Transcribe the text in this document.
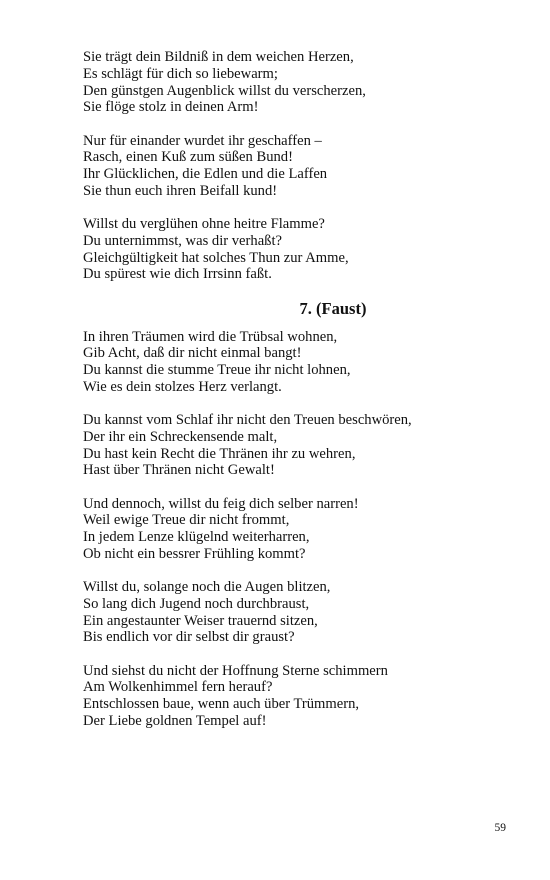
Sie trägt dein Bildniß in dem weichen Herzen,
Es schlägt für dich so liebewarm;
Den günstgen Augenblick willst du verscherzen,
Sie flöge stolz in deinen Arm!
Nur für einander wurdet ihr geschaffen –
Rasch, einen Kuß zum süßen Bund!
Ihr Glücklichen, die Edlen und die Laffen
Sie thun euch ihren Beifall kund!
Willst du verglühen ohne heitre Flamme?
Du unternimmst, was dir verhaßt?
Gleichgültigkeit hat solches Thun zur Amme,
Du spürest wie dich Irrsinn faßt.
7. (Faust)
In ihren Träumen wird die Trübsal wohnen,
Gib Acht, daß dir nicht einmal bangt!
Du kannst die stumme Treue ihr nicht lohnen,
Wie es dein stolzes Herz verlangt.
Du kannst vom Schlaf ihr nicht den Treuen beschwören,
Der ihr ein Schreckensende malt,
Du hast kein Recht die Thränen ihr zu wehren,
Hast über Thränen nicht Gewalt!
Und dennoch, willst du feig dich selber narren!
Weil ewige Treue dir nicht frommt,
In jedem Lenze klügelnd weiterharren,
Ob nicht ein bessrer Frühling kommt?
Willst du, solange noch die Augen blitzen,
So lang dich Jugend noch durchbraust,
Ein angestaunter Weiser trauernd sitzen,
Bis endlich vor dir selbst dir graust?
Und siehst du nicht der Hoffnung Sterne schimmern
Am Wolkenhimmel fern herauf?
Entschlossen baue, wenn auch über Trümmern,
Der Liebe goldnen Tempel auf!
59
